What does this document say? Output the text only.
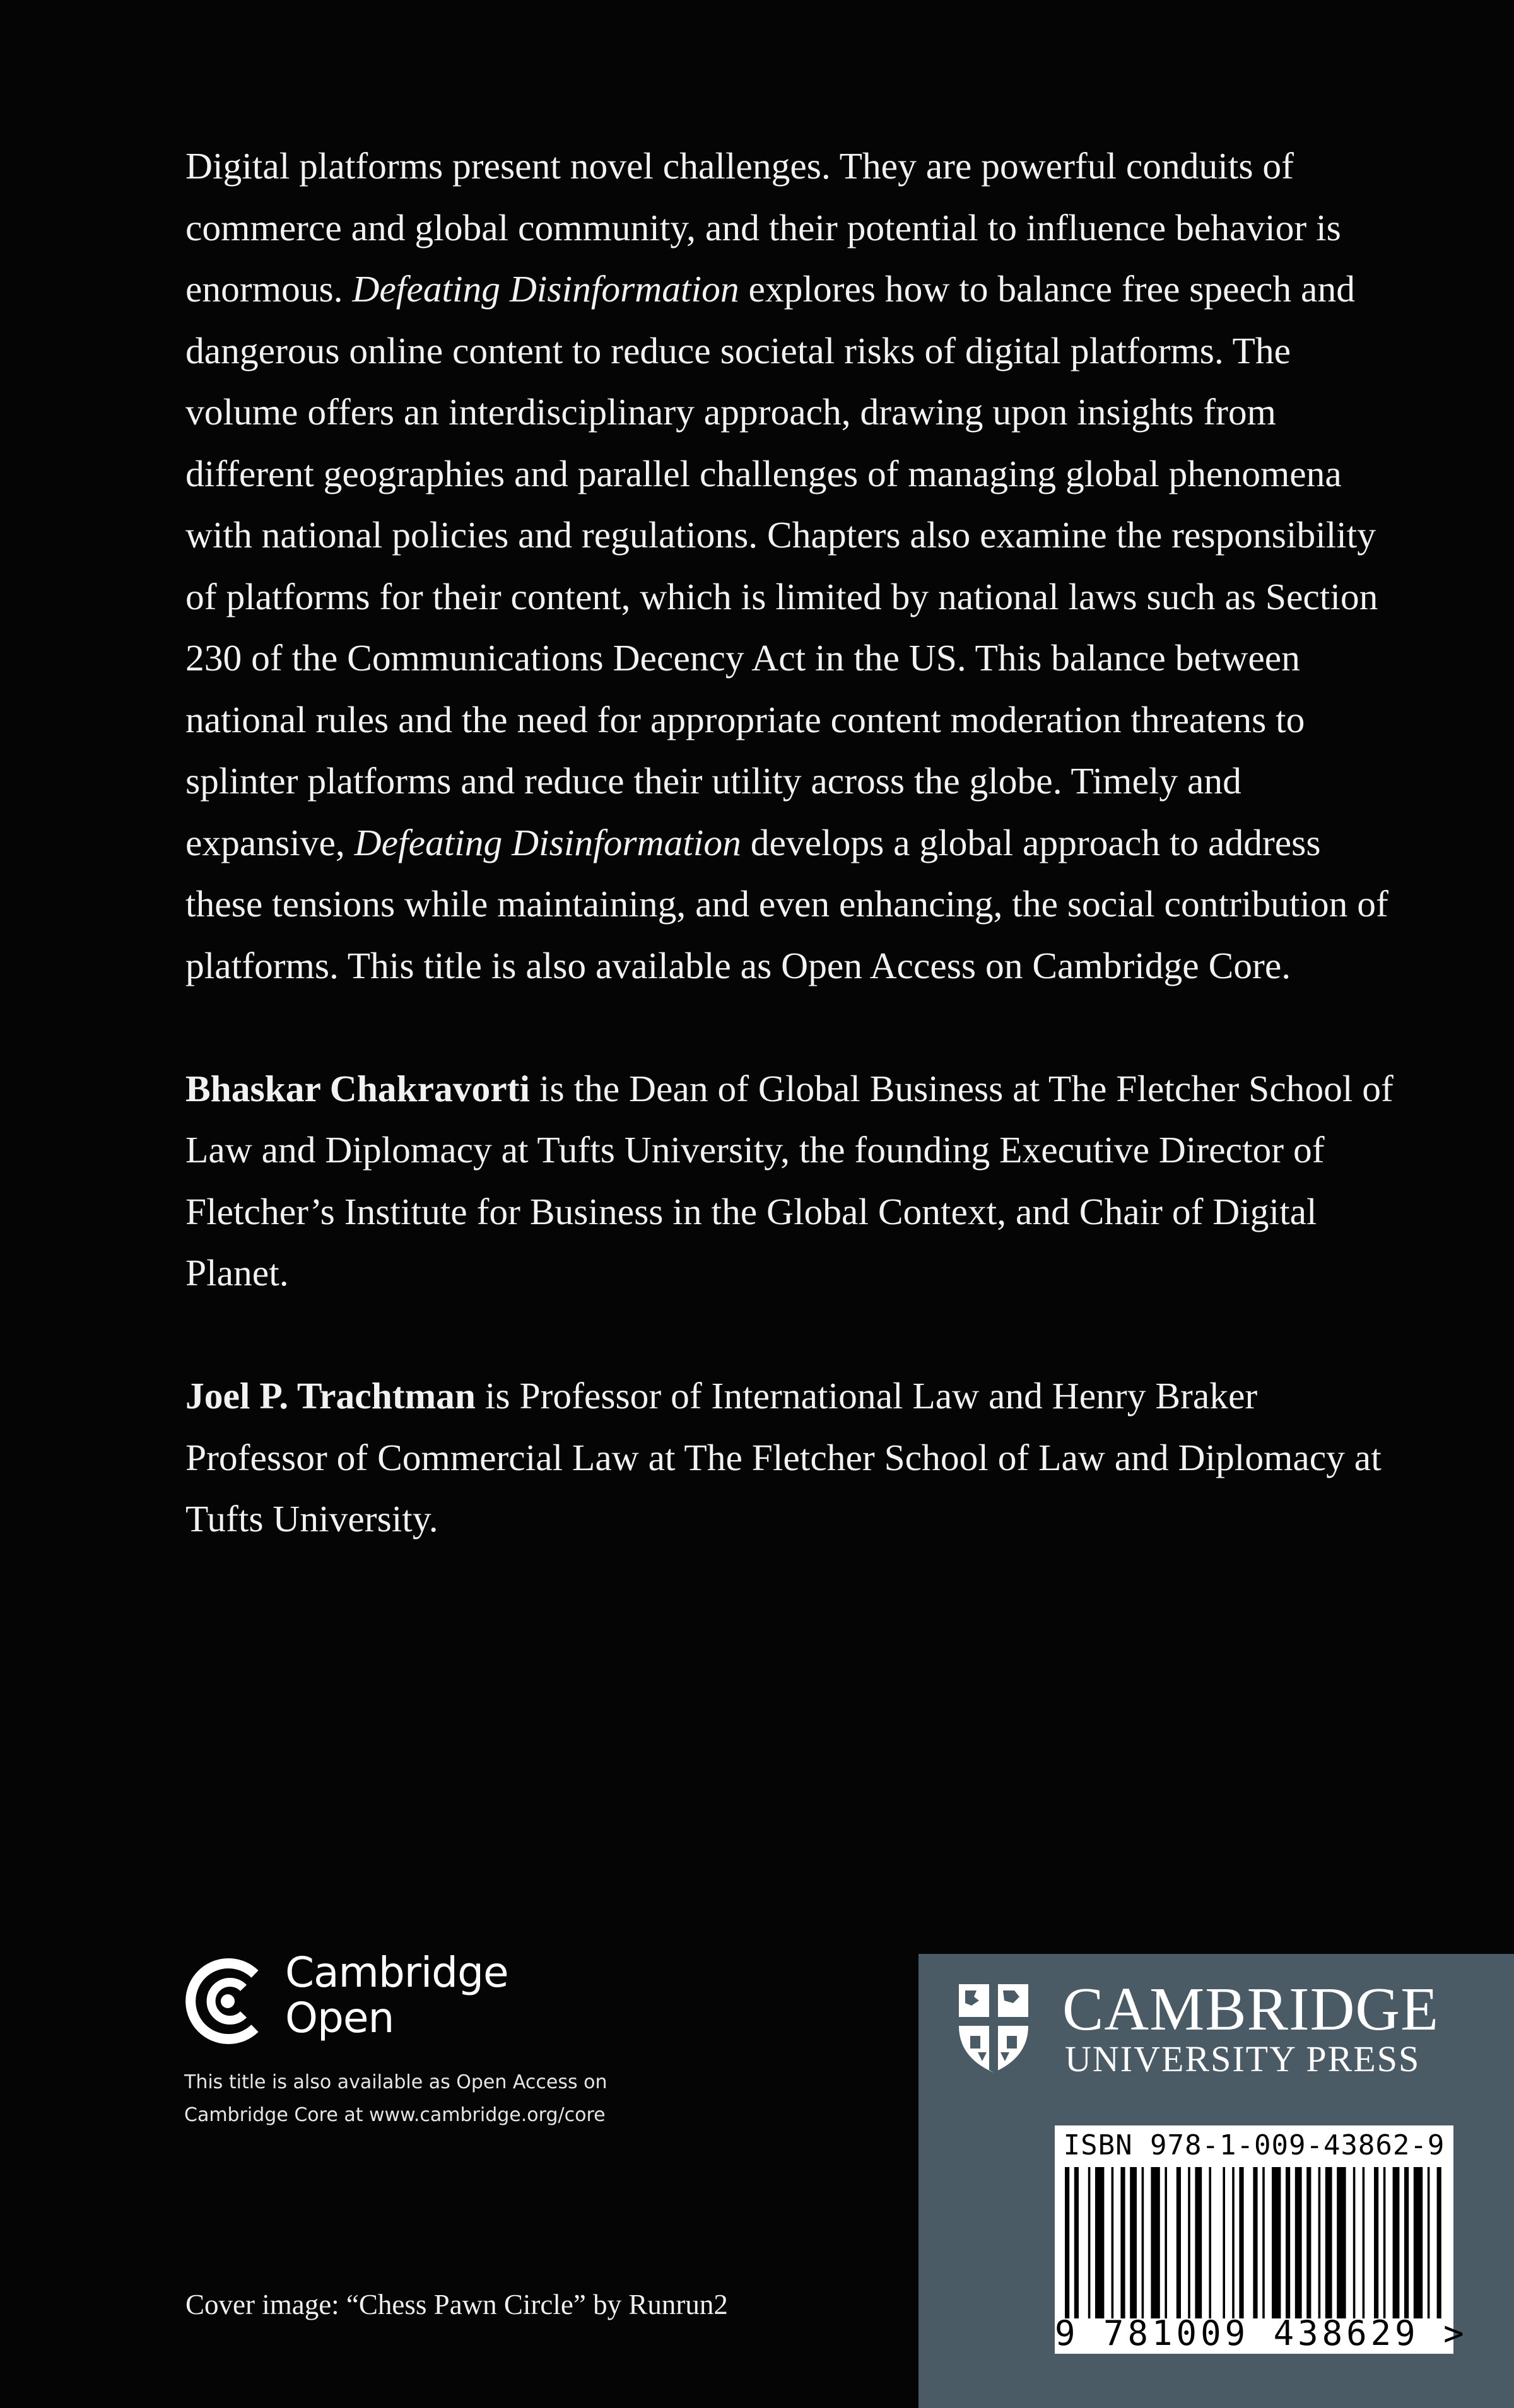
Digital platforms present novel challenges. They are powerful conduits of commerce and global community, and their potential to influence behavior is enormous. Defeating Disinformation explores how to balance free speech and dangerous online content to reduce societal risks of digital platforms. The volume offers an interdisciplinary approach, drawing upon insights from different geographies and parallel challenges of managing global phenomena with national policies and regulations. Chapters also examine the responsibility of platforms for their content, which is limited by national laws such as Section 230 of the Communications Decency Act in the US. This balance between national rules and the need for appropriate content moderation threatens to splinter platforms and reduce their utility across the globe. Timely and expansive, Defeating Disinformation develops a global approach to address these tensions while maintaining, and even enhancing, the social contribution of platforms. This title is also available as Open Access on Cambridge Core.

Bhaskar Chakravorti is the Dean of Global Business at The Fletcher School of Law and Diplomacy at Tufts University, the founding Executive Director of Fletcher’s Institute for Business in the Global Context, and Chair of Digital Planet.

Joel P. Trachtman is Professor of International Law and Henry Braker Professor of Commercial Law at The Fletcher School of Law and Diplomacy at Tufts University.

Cambridge
Open
This title is also available as Open Access on Cambridge Core at www.cambridge.org/core
Cover image: “Chess Pawn Circle” by Runrun2
CAMBRIDGE
UNIVERSITY PRESS
ISBN 978-1-009-43862-9
9 781009 438629 >
